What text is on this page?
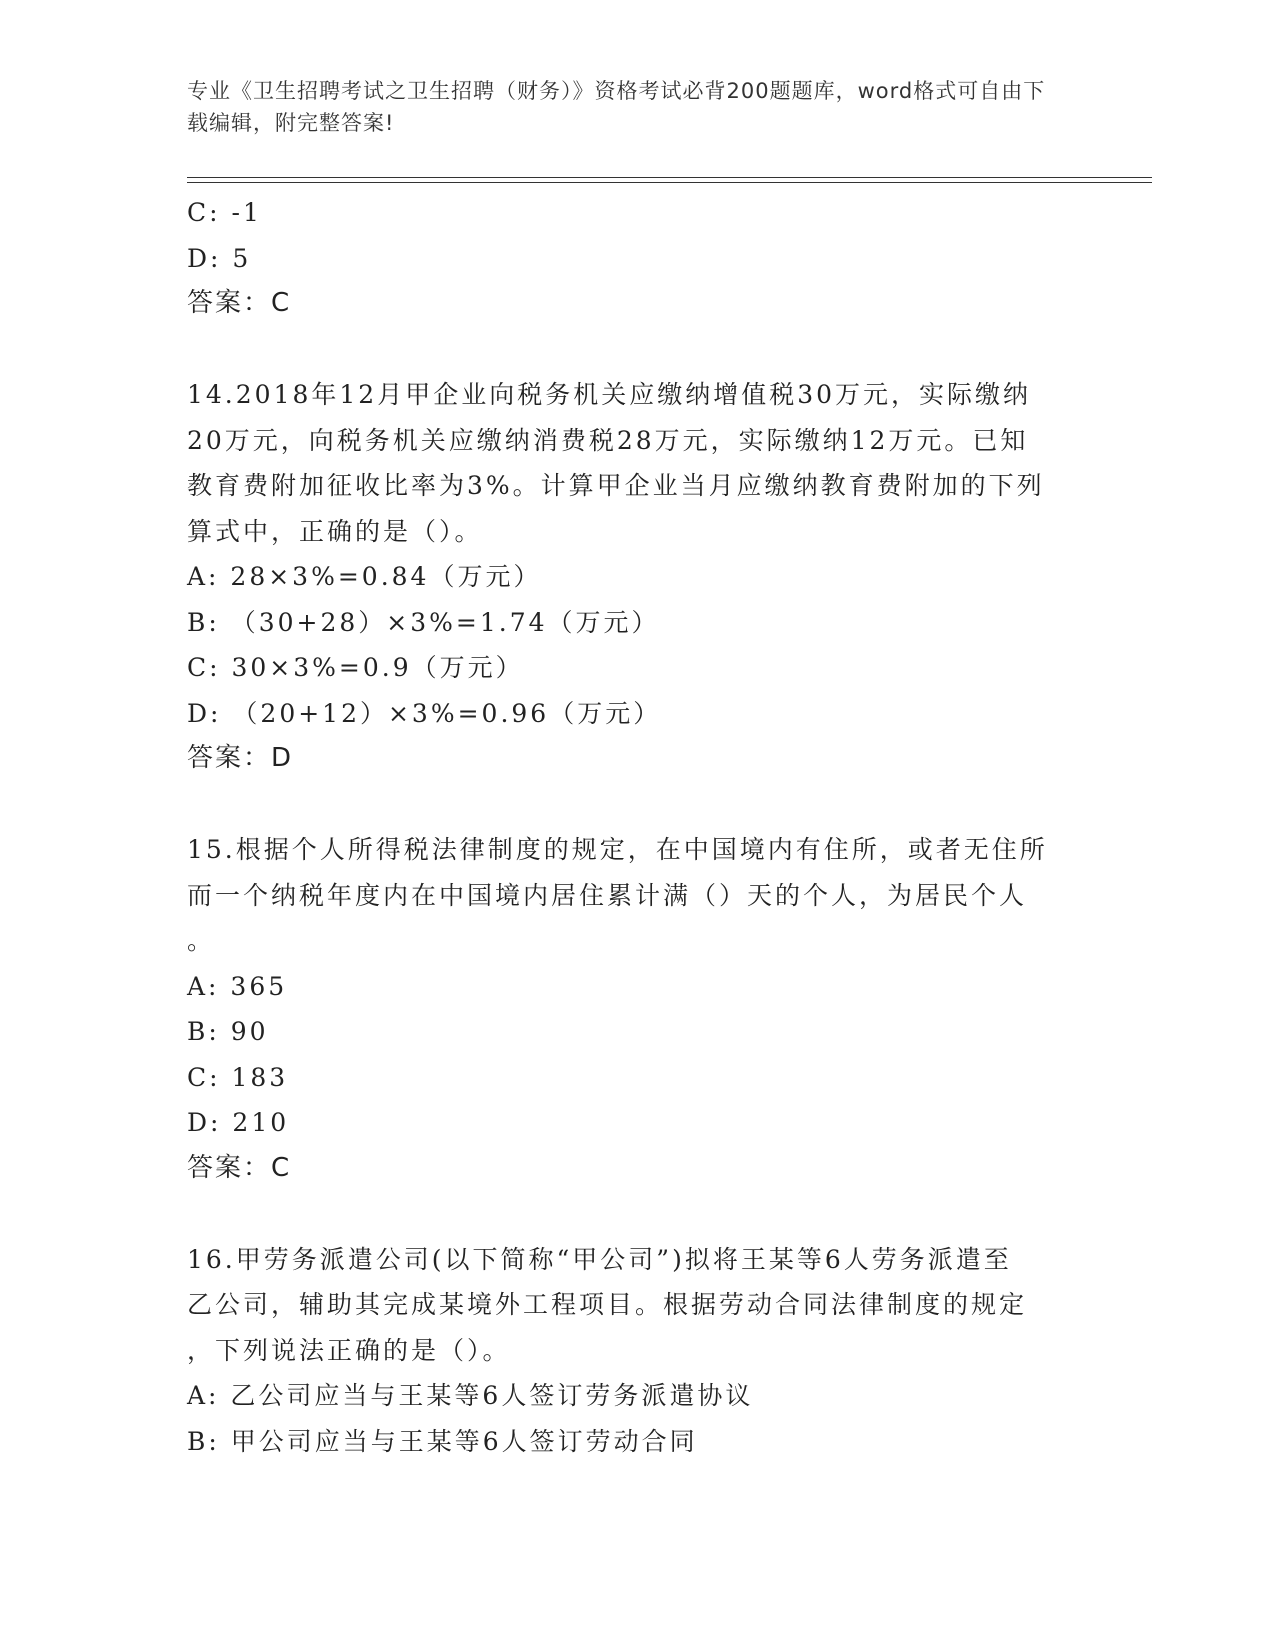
专业《卫生招聘考试之卫生招聘（财务）》资格考试必背200题题库，word格式可自由下载编辑，附完整答案!
C: -1
D: 5
答案：C
14.2018年12月甲企业向税务机关应缴纳增值税30万元，实际缴纳
20万元，向税务机关应缴纳消费税28万元，实际缴纳12万元。已知
教育费附加征收比率为3%。计算甲企业当月应缴纳教育费附加的下列
算式中，正确的是（）。
A: 28×3%=0.84（万元）
B: （30+28）×3%=1.74（万元）
C: 30×3%=0.9（万元）
D: （20+12）×3%=0.96（万元）
答案：D
15.根据个人所得税法律制度的规定，在中国境内有住所，或者无住所
而一个纳税年度内在中国境内居住累计满（）天的个人，为居民个人
。
A: 365
B: 90
C: 183
D: 210
答案：C
16.甲劳务派遣公司(以下简称“甲公司”)拟将王某等6人劳务派遣至
乙公司，辅助其完成某境外工程项目。根据劳动合同法律制度的规定
，下列说法正确的是（）。
A: 乙公司应当与王某等6人签订劳务派遣协议
B: 甲公司应当与王某等6人签订劳动合同
